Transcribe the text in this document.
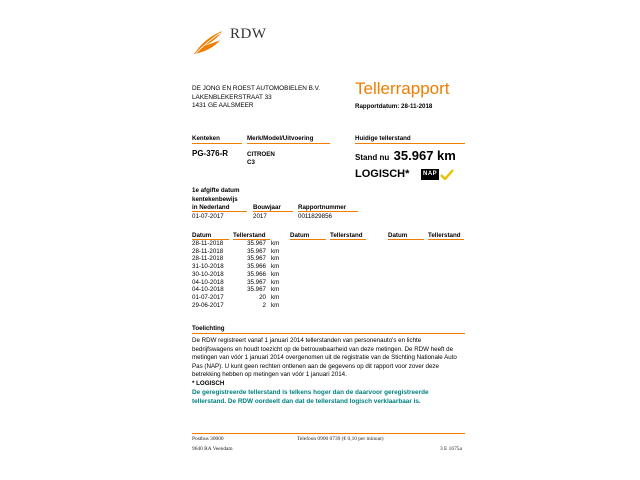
RDW
DE JONG EN ROEST AUTOMOBIELEN B.V.
LAKENBLEKERSTRAAT 33
1431 GE AALSMEER
Tellerrapport
Rapportdatum: 28-11-2018
Kenteken	Merk/Model/Uitvoering	Huidige tellerstand
PG-376-R	CITROEN
C3
Stand nu 35.967 km
LOGISCH*	NAP
1e afgifte datum
kentekenbewijs
in Nederland	Bouwjaar	Rapportnummer
01-07-2017	2017	0011829856
Datum	Tellerstand	Datum	Tellerstand	Datum	Tellerstand
28-11-2018	35.967 km
28-11-2018	35.967 km
28-11-2018	35.967 km
31-10-2018	35.966 km
30-10-2018	35.966 km
04-10-2018	35.967 km
04-10-2018	35.967 km
01-07-2017	20 km
29-06-2017	2 km
Toelichting
De RDW registreert vanaf 1 januari 2014 tellerstanden van personenauto's en lichte
bedrijfswagens en houdt toezicht op de betrouwbaarheid van deze metingen. De RDW heeft de
metingen van vóór 1 januari 2014 overgenomen uit de registratie van de Stichting Nationale Auto
Pas (NAP). U kunt geen rechten ontlenen aan de gegevens op dit rapport voor zover deze
betrekking hebben op metingen van vóór 1 januari 2014.
* LOGISCH
De geregistreerde tellerstand is telkens hoger dan de daarvoor geregistreerde
tellerstand. De RDW oordeelt dan dat de tellerstand logisch verklaarbaar is.
Postbus 30000
9640 RA Veendam
Telefoon 0900 0739 (€ 0,10 per minuut)
3 E 1675a
